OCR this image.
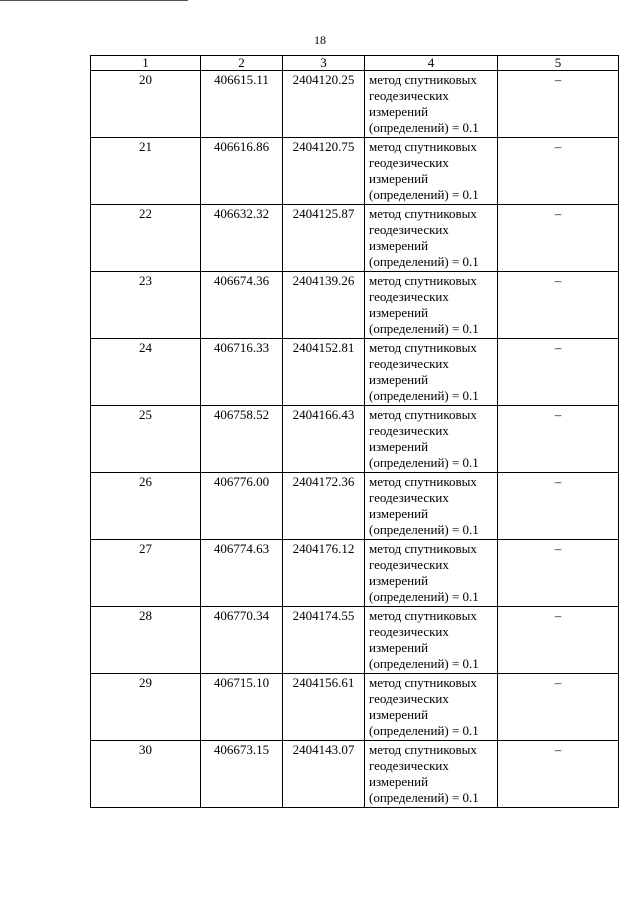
18
1	2	3	4	5
20	406615.11	2404120.25	метод спутниковых
геодезических
измерений
(определений) = 0.1	–
21	406616.86	2404120.75	метод спутниковых
геодезических
измерений
(определений) = 0.1	–
22	406632.32	2404125.87	метод спутниковых
геодезических
измерений
(определений) = 0.1	–
23	406674.36	2404139.26	метод спутниковых
геодезических
измерений
(определений) = 0.1	–
24	406716.33	2404152.81	метод спутниковых
геодезических
измерений
(определений) = 0.1	–
25	406758.52	2404166.43	метод спутниковых
геодезических
измерений
(определений) = 0.1	–
26	406776.00	2404172.36	метод спутниковых
геодезических
измерений
(определений) = 0.1	–
27	406774.63	2404176.12	метод спутниковых
геодезических
измерений
(определений) = 0.1	–
28	406770.34	2404174.55	метод спутниковых
геодезических
измерений
(определений) = 0.1	–
29	406715.10	2404156.61	метод спутниковых
геодезических
измерений
(определений) = 0.1	–
30	406673.15	2404143.07	метод спутниковых
геодезических
измерений
(определений) = 0.1	–
